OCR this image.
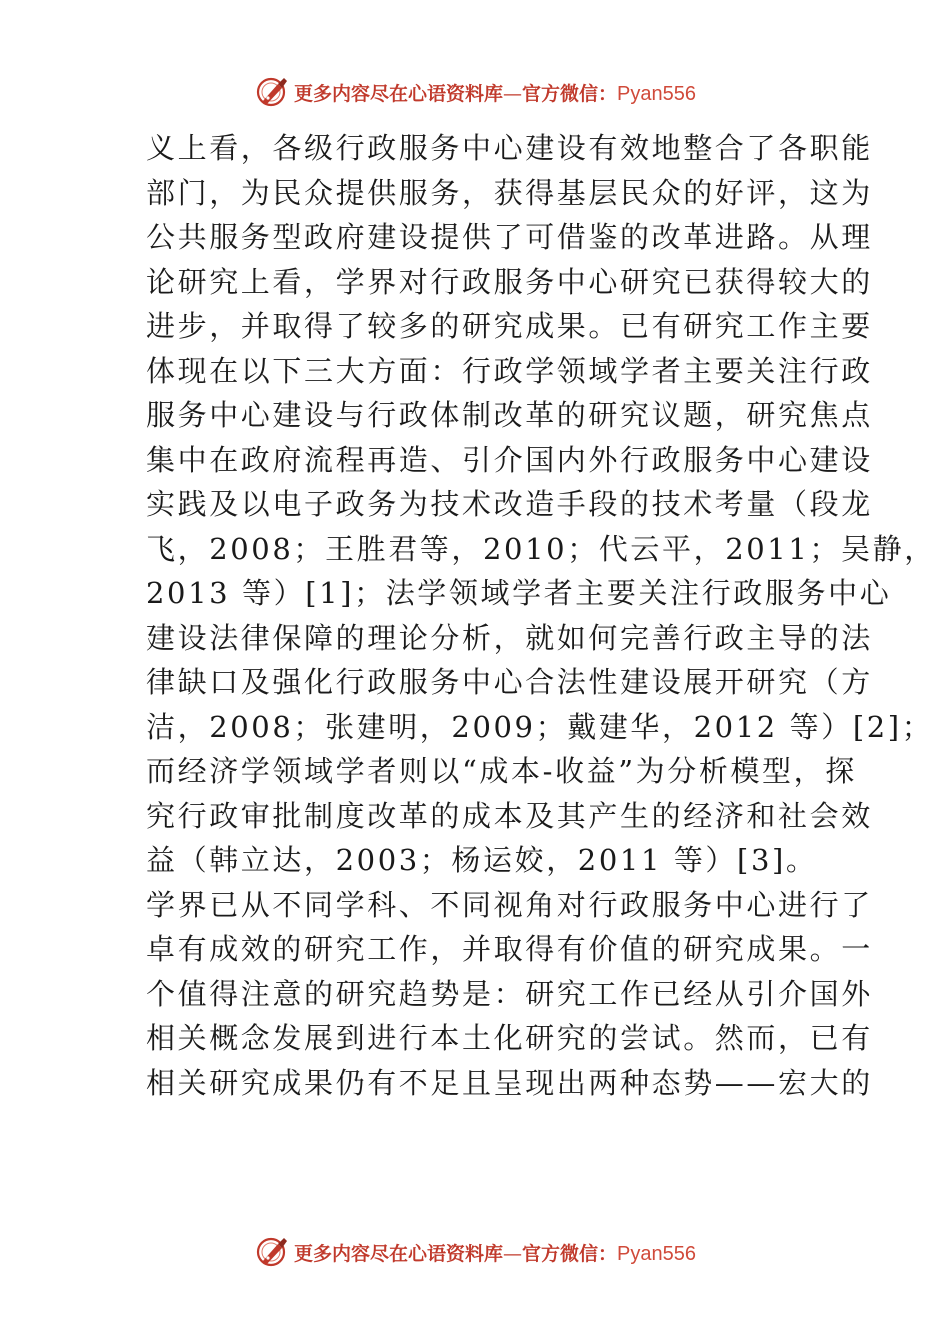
更多内容尽在心语资料库—官方微信：Pyan556
义上看，各级行政服务中心建设有效地整合了各职能
部门，为民众提供服务，获得基层民众的好评，这为
公共服务型政府建设提供了可借鉴的改革进路。从理
论研究上看，学界对行政服务中心研究已获得较大的
进步，并取得了较多的研究成果。已有研究工作主要
体现在以下三大方面：行政学领域学者主要关注行政
服务中心建设与行政体制改革的研究议题，研究焦点
集中在政府流程再造、引介国内外行政服务中心建设
实践及以电子政务为技术改造手段的技术考量（段龙
飞，2008；王胜君等，2010；代云平，2011；吴静，
2013 等）[1]；法学领域学者主要关注行政服务中心
建设法律保障的理论分析，就如何完善行政主导的法
律缺口及强化行政服务中心合法性建设展开研究（方
洁，2008；张建明，2009；戴建华，2012 等）[2]；
而经济学领域学者则以“成本-收益”为分析模型，探
究行政审批制度改革的成本及其产生的经济和社会效
益（韩立达，2003；杨运姣，2011 等）[3]。
学界已从不同学科、不同视角对行政服务中心进行了
卓有成效的研究工作，并取得有价值的研究成果。一
个值得注意的研究趋势是：研究工作已经从引介国外
相关概念发展到进行本土化研究的尝试。然而，已有
相关研究成果仍有不足且呈现出两种态势——宏大的
更多内容尽在心语资料库—官方微信：Pyan556
